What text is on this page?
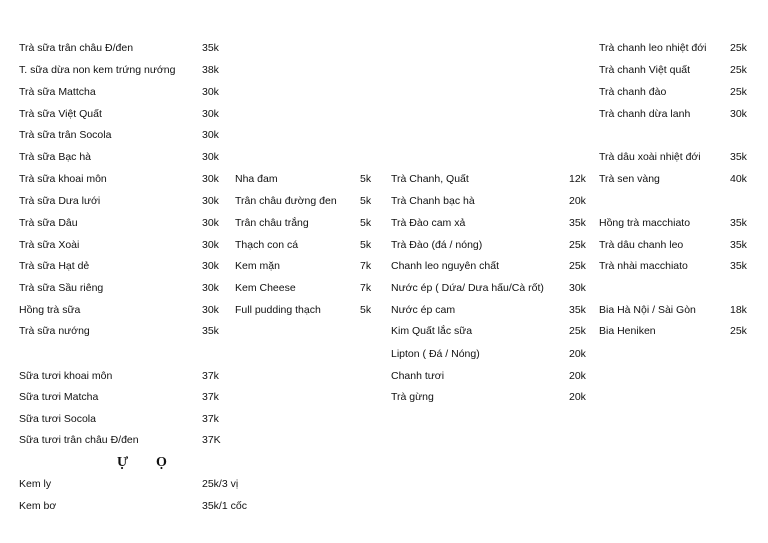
Trà sữa trân châu Đ/đen	35k
T. sữa dừa non kem trứng nướng	38k
Trà sữa Mattcha	30k
Trà sữa Việt Quất	30k
Trà sữa trân Socola	30k
Trà sữa Bạc hà	30k
Trà sữa khoai môn	30k
Trà sữa Dưa lưới	30k
Trà sữa Dâu	30k
Trà sữa Xoài	30k
Trà sữa Hạt dẻ	30k
Trà sữa Sầu riêng	30k
Hồng trà sữa	30k
Trà sữa nướng	35k
Sữa tươi khoai môn	37k
Sữa tươi Matcha	37k
Sữa tươi Socola	37k
Sữa tươi trân châu Đ/đen	37K
Kem ly	25k/3 vị
Kem bơ	35k/1 cốc
Nha đam	5k
Trân châu đường đen 5k
Trân châu trắng	5k
Thạch con cá	5k
Kem mặn	7k
Kem Cheese	7k
Full pudding thạch	5k
Trà Chanh, Quất	12k
Trà Chanh bạc hà	20k
Trà Đào cam xả	35k
Trà Đào (đá / nóng)	25k
Chanh leo nguyên chất	25k
Nước ép ( Dứa/ Dưa hấu/Cà rốt) 30k
Nước ép cam	35k
Kim Quất lắc sữa	25k
Lipton ( Đá / Nóng)	20k
Chanh tươi	20k
Trà gừng	20k
Trà chanh leo nhiệt đới 25k
Trà chanh Việt quất	25k
Trà chanh đào	25k
Trà chanh dừa lanh	30k
Trà dâu xoài nhiệt đới	35k
Trà sen vàng	40k
Hồng trà macchiato	35k
Trà dâu chanh leo	35k
Trà nhài macchiato	35k
Bia Hà Nội / Sài Gòn	18k
Bia Heniken	25k
Ự Ọ
